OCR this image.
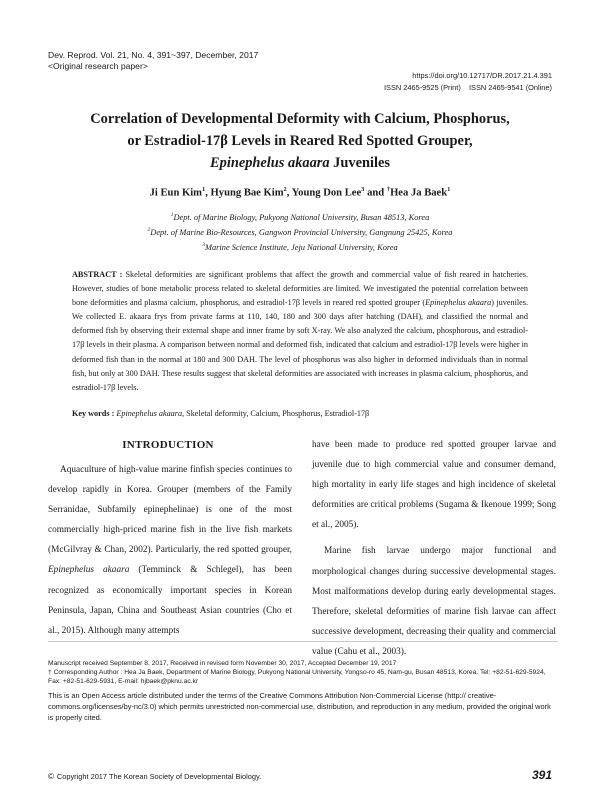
Dev. Reprod. Vol. 21, No. 4, 391~397, December, 2017
<Original research paper>
https://doi.org/10.12717/DR.2017.21.4.391
ISSN 2465-9525 (Print)    ISSN 2465-9541 (Online)
Correlation of Developmental Deformity with Calcium, Phosphorus,
or Estradiol-17β Levels in Reared Red Spotted Grouper,
Epinephelus akaara Juveniles
Ji Eun Kim$^1$, Hyung Bae Kim$^2$, Young Don Lee$^3$ and †Hea Ja Baek$^1$
$^1$Dept. of Marine Biology, Pukyong National University, Busan 48513, Korea
$^2$Dept. of Marine Bio-Resources, Gangwon Provincial University, Gangnung 25425, Korea
$^3$Marine Science Institute, Jeju National University, Korea
ABSTRACT : Skeletal deformities are significant problems that affect the growth and commercial value of fish reared in hatcheries. However, studies of bone metabolic process related to skeletal deformities are limited. We investigated the potential correlation between bone deformities and plasma calcium, phosphorus, and estradiol-17β levels in reared red spotted grouper (Epinephelus akaara) juveniles. We collected E. akaara frys from private farms at 110, 140, 180 and 300 days after hatching (DAH), and classified the normal and deformed fish by observing their external shape and inner frame by soft X-ray. We also analyzed the calcium, phosphorous, and estradiol-17β levels in their plasma. A comparison between normal and deformed fish, indicated that calcium and estradiol-17β levels were higher in deformed fish than in the normal at 180 and 300 DAH. The level of phosphorus was also higher in deformed individuals than in normal fish, but only at 300 DAH. These results suggest that skeletal deformities are associated with increases in plasma calcium, phosphorus, and estradiol-17β levels.
Key words : Epinephelus akaara, Skeletal deformity, Calcium, Phosphorus, Estradiol-17β
INTRODUCTION

Aquaculture of high-value marine finfish species continues to develop rapidly in Korea. Grouper (members of the Family Serranidae, Subfamily epinephelinae) is one of the most commercially high-priced marine fish in the live fish markets (McGilvray & Chan, 2002). Particularly, the red spotted grouper, Epinephelus akaara (Temminck & Schlegel), has been recognized as economically important species in Korean Peninsula, Japan, China and Southeast Asian countries (Cho et al., 2015). Although many attempts

have been made to produce red spotted grouper larvae and juvenile due to high commercial value and consumer demand, high mortality in early life stages and high incidence of skeletal deformities are critical problems (Sugama & Ikenoue 1999; Song et al., 2005).

Marine fish larvae undergo major functional and morphological changes during successive developmental stages. Most malformations develop during early developmental stages. Therefore, skeletal deformities of marine fish larvae can affect successive development, decreasing their quality and commercial value (Cahu et al., 2003).

Manuscript received September 8, 2017, Received in revised form November 30, 2017, Accepted December 19, 2017
† Corresponding Author : Hea Ja Baek, Department of Marine Biology, Pukyong National University, Yongso-ro 45, Nam-gu, Busan 48513, Korea. Tel: +82-51-629-5924, Fax: +82-51-629-5931, E-mail: hjbaek@pknu.ac.kr
This is an Open Access article distributed under the terms of the Creative Commons Attribution Non-Commercial License (http:// creative-commons.org/licenses/by-nc/3.0) which permits unrestricted non-commercial use, distribution, and reproduction in any medium, provided the original work is properly cited.
© Copyright 2017 The Korean Society of Developmental Biology.	391
